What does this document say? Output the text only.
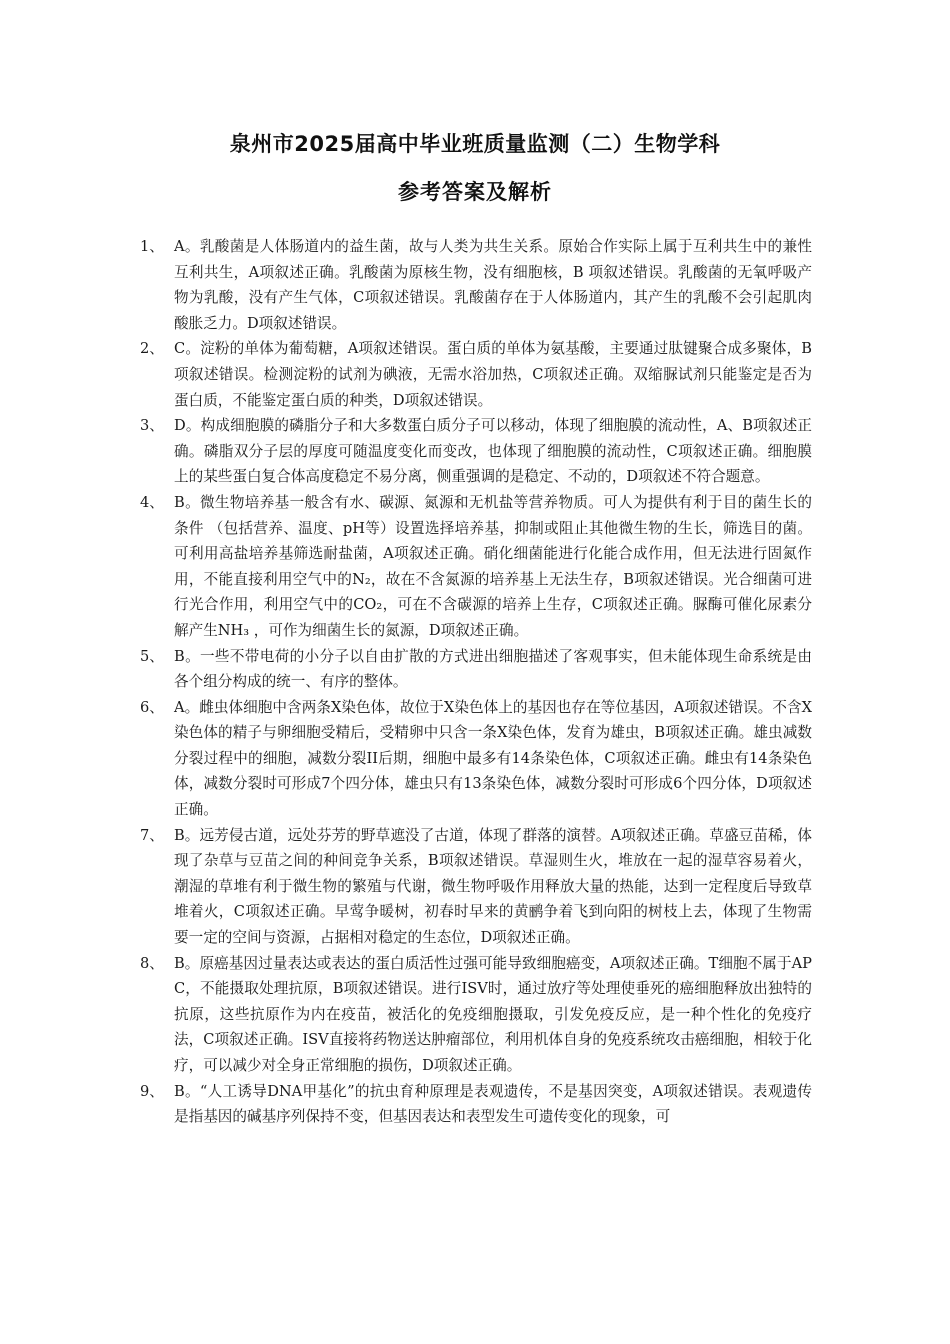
泉州市2025届高中毕业班质量监测（二）生物学科
参考答案及解析
1、 A。乳酸菌是人体肠道内的益生菌，故与人类为共生关系。原始合作实际上属于互利共生中的兼性互利共生，A项叙述正确。乳酸菌为原核生物，没有细胞核，B 项叙述错误。乳酸菌的无氧呼吸产物为乳酸，没有产生气体，C项叙述错误。乳酸菌存在于人体肠道内，其产生的乳酸不会引起肌肉酸胀乏力。D项叙述错误。
2、 C。淀粉的单体为葡萄糖，A项叙述错误。蛋白质的单体为氨基酸，主要通过肽键聚合成多聚体，B项叙述错误。检测淀粉的试剂为碘液，无需水浴加热，C项叙述正确。双缩脲试剂只能鉴定是否为蛋白质，不能鉴定蛋白质的种类，D项叙述错误。
3、 D。构成细胞膜的磷脂分子和大多数蛋白质分子可以移动，体现了细胞膜的流动性，A、B项叙述正确。磷脂双分子层的厚度可随温度变化而变改，也体现了细胞膜的流动性，C项叙述正确。细胞膜上的某些蛋白复合体高度稳定不易分离，侧重强调的是稳定、不动的，D项叙述不符合题意。
4、 B。微生物培养基一般含有水、碳源、氮源和无机盐等营养物质。可人为提供有利于目的菌生长的条件 （包括营养、温度、pH等）设置选择培养基，抑制或阻止其他微生物的生长，筛选目的菌。可利用高盐培养基筛选耐盐菌，A项叙述正确。硝化细菌能进行化能合成作用，但无法进行固氮作用，不能直接利用空气中的N₂，故在不含氮源的培养基上无法生存，B项叙述错误。光合细菌可进行光合作用，利用空气中的CO₂，可在不含碳源的培养上生存，C项叙述正确。脲酶可催化尿素分解产生NH₃ ，可作为细菌生长的氮源，D项叙述正确。
5、 B。一些不带电荷的小分子以自由扩散的方式进出细胞描述了客观事实，但未能体现生命系统是由各个组分构成的统一、有序的整体。
6、 A。雌虫体细胞中含两条X染色体，故位于X染色体上的基因也存在等位基因，A项叙述错误。不含X染色体的精子与卵细胞受精后，受精卵中只含一条X染色体，发育为雄虫，B项叙述正确。雄虫减数分裂过程中的细胞，减数分裂II后期，细胞中最多有14条染色体，C项叙述正确。雌虫有14条染色体，减数分裂时可形成7个四分体，雄虫只有13条染色体，减数分裂时可形成6个四分体，D项叙述正确。
7、 B。远芳侵古道，远处芬芳的野草遮没了古道，体现了群落的演替。A项叙述正确。草盛豆苗稀，体现了杂草与豆苗之间的种间竞争关系，B项叙述错误。草湿则生火，堆放在一起的湿草容易着火，潮湿的草堆有利于微生物的繁殖与代谢，微生物呼吸作用释放大量的热能，达到一定程度后导致草堆着火，C项叙述正确。早莺争暖树，初春时早来的黄鹂争着飞到向阳的树枝上去，体现了生物需要一定的空间与资源，占据相对稳定的生态位，D项叙述正确。
8、 B。原癌基因过量表达或表达的蛋白质活性过强可能导致细胞癌变，A项叙述正确。T细胞不属于APC，不能摄取处理抗原，B项叙述错误。进行ISV时，通过放疗等处理使垂死的癌细胞释放出独特的抗原，这些抗原作为内在疫苗，被活化的免疫细胞摄取，引发免疫反应，是一种个性化的免疫疗法，C项叙述正确。ISV直接将药物送达肿瘤部位，利用机体自身的免疫系统攻击癌细胞，相较于化疗，可以减少对全身正常细胞的损伤，D项叙述正确。
9、 B。“人工诱导DNA甲基化”的抗虫育种原理是表观遗传，不是基因突变，A项叙述错误。表观遗传是指基因的碱基序列保持不变，但基因表达和表型发生可遗传变化的现象，可
